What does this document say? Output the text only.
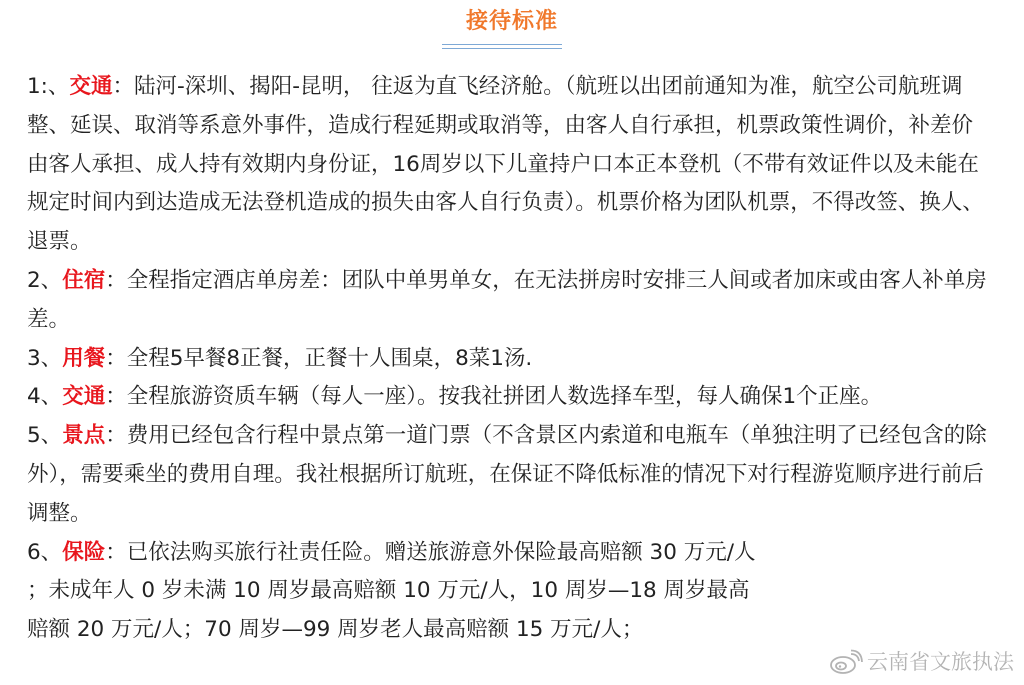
接待标准

1:、交通：陆河-深圳、揭阳-昆明， 往返为直飞经济舱。（航班以出团前通知为准，航空公司航班调整、延误、取消等系意外事件，造成行程延期或取消等，由客人自行承担，机票政策性调价，补差价由客人承担、成人持有效期内身份证，16周岁以下儿童持户口本正本登机（不带有效证件以及未能在规定时间内到达造成无法登机造成的损失由客人自行负责）。机票价格为团队机票，不得改签、换人、退票。

2、住宿：全程指定酒店单房差：团队中单男单女，在无法拼房时安排三人间或者加床或由客人补单房差。

3、用餐：全程5早餐8正餐，正餐十人围桌，8菜1汤.

4、交通：全程旅游资质车辆（每人一座）。按我社拼团人数选择车型，每人确保1个正座。

5、景点：费用已经包含行程中景点第一道门票（不含景区内索道和电瓶车（单独注明了已经包含的除外），需要乘坐的费用自理。我社根据所订航班，在保证不降低标准的情况下对行程游览顺序进行前后调整。

6、保险：已依法购买旅行社责任险。赠送旅游意外保险最高赔额 30 万元/人
；未成年人 0 岁未满 10 周岁最高赔额 10 万元/人，10 周岁—18 周岁最高
赔额 20 万元/人；70 周岁—99 周岁老人最高赔额 15 万元/人；

云南省文旅执法
